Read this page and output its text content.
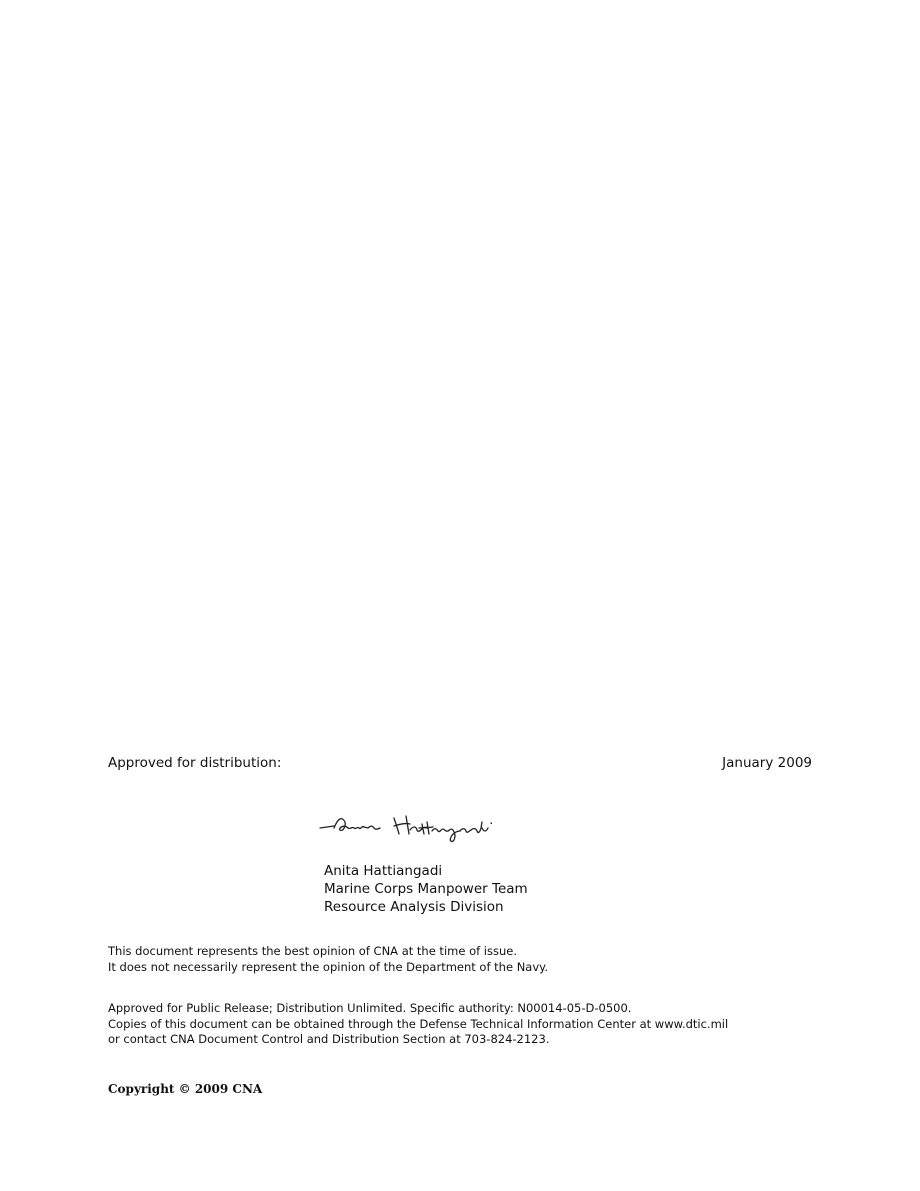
Approved for distribution:	January 2009
Anita Hattiangadi
Marine Corps Manpower Team
Resource Analysis Division
This document represents the best opinion of CNA at the time of issue.
It does not necessarily represent the opinion of the Department of the Navy.
Approved for Public Release; Distribution Unlimited. Specific authority: N00014-05-D-0500.
Copies of this document can be obtained through the Defense Technical Information Center at www.dtic.mil
or contact CNA Document Control and Distribution Section at 703-824-2123.
Copyright © 2009 CNA
